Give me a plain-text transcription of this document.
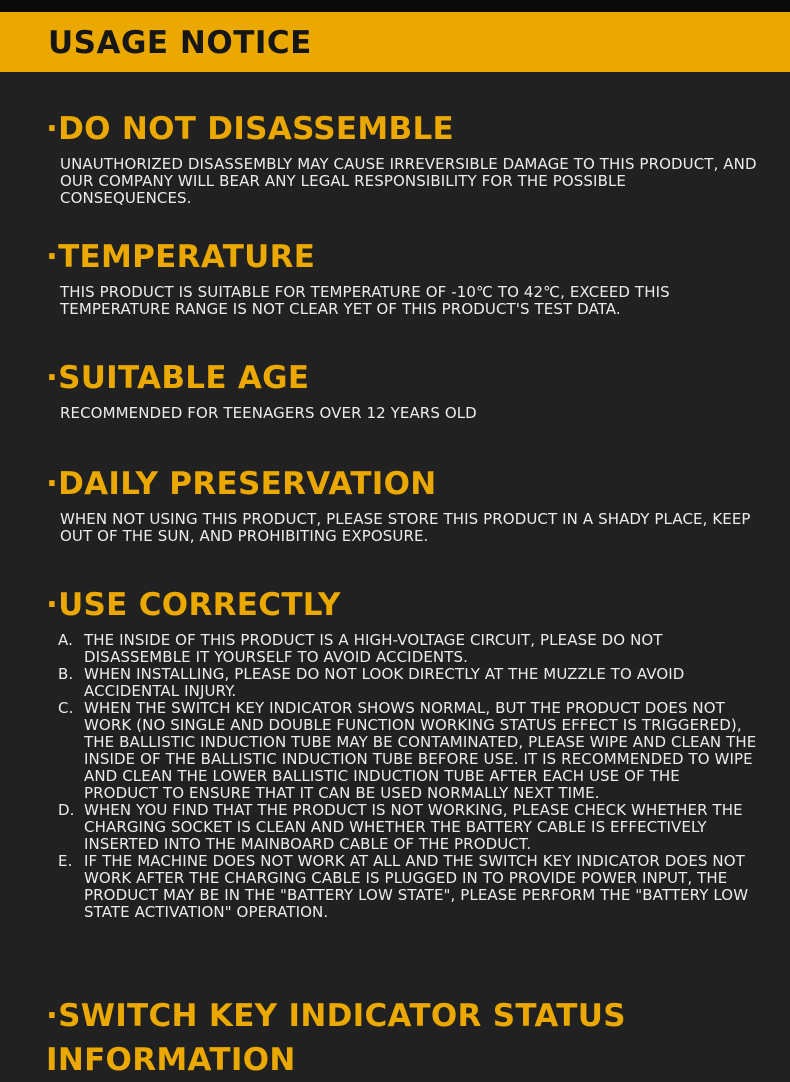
USAGE NOTICE
·DO NOT DISASSEMBLE
UNAUTHORIZED DISASSEMBLY MAY CAUSE IRREVERSIBLE DAMAGE TO THIS PRODUCT, AND OUR COMPANY WILL BEAR ANY LEGAL RESPONSIBILITY FOR THE POSSIBLE CONSEQUENCES.
·TEMPERATURE
THIS PRODUCT IS SUITABLE FOR TEMPERATURE OF -10℃ TO 42℃, EXCEED THIS TEMPERATURE RANGE IS NOT CLEAR YET OF THIS PRODUCT'S TEST DATA.
·SUITABLE AGE
RECOMMENDED FOR TEENAGERS OVER 12 YEARS OLD
·DAILY PRESERVATION
WHEN NOT USING THIS PRODUCT, PLEASE STORE THIS PRODUCT IN A SHADY PLACE, KEEP OUT OF THE SUN, AND PROHIBITING EXPOSURE.
·USE CORRECTLY
A. THE INSIDE OF THIS PRODUCT IS A HIGH-VOLTAGE CIRCUIT, PLEASE DO NOT DISASSEMBLE IT YOURSELF TO AVOID ACCIDENTS.
B. WHEN INSTALLING, PLEASE DO NOT LOOK DIRECTLY AT THE MUZZLE TO AVOID ACCIDENTAL INJURY.
C. WHEN THE SWITCH KEY INDICATOR SHOWS NORMAL, BUT THE PRODUCT DOES NOT WORK (NO SINGLE AND DOUBLE FUNCTION WORKING STATUS EFFECT IS TRIGGERED), THE BALLISTIC INDUCTION TUBE MAY BE CONTAMINATED, PLEASE WIPE AND CLEAN THE INSIDE OF THE BALLISTIC INDUCTION TUBE BEFORE USE. IT IS RECOMMENDED TO WIPE AND CLEAN THE LOWER BALLISTIC INDUCTION TUBE AFTER EACH USE OF THE PRODUCT TO ENSURE THAT IT CAN BE USED NORMALLY NEXT TIME.
D. WHEN YOU FIND THAT THE PRODUCT IS NOT WORKING, PLEASE CHECK WHETHER THE CHARGING SOCKET IS CLEAN AND WHETHER THE BATTERY CABLE IS EFFECTIVELY INSERTED INTO THE MAINBOARD CABLE OF THE PRODUCT.
E. IF THE MACHINE DOES NOT WORK AT ALL AND THE SWITCH KEY INDICATOR DOES NOT WORK AFTER THE CHARGING CABLE IS PLUGGED IN TO PROVIDE POWER INPUT, THE PRODUCT MAY BE IN THE "BATTERY LOW STATE", PLEASE PERFORM THE "BATTERY LOW STATE ACTIVATION" OPERATION.
·SWITCH KEY INDICATOR STATUS INFORMATION
